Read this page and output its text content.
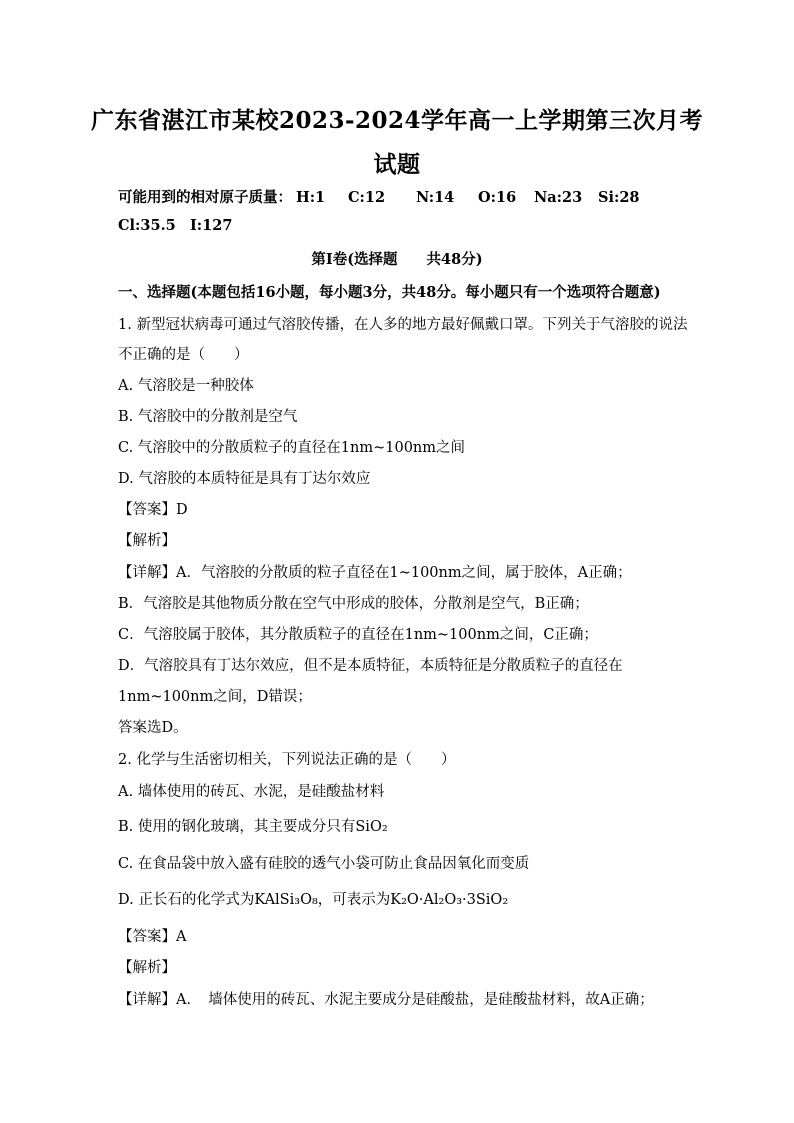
广东省湛江市某校2023-2024学年高一上学期第三次月考
试题
可能用到的相对原子质量： H:1 C:12 N:14 O:16 Na:23 Si:28
Cl:35.5 I:127
第Ⅰ卷(选择题　　共48分)
一、选择题(本题包括16小题，每小题3分，共48分。每小题只有一个选项符合题意)
1. 新型冠状病毒可通过气溶胶传播，在人多的地方最好佩戴口罩。下列关于气溶胶的说法
不正确的是（　　）
A. 气溶胶是一种胶体
B. 气溶胶中的分散剂是空气
C. 气溶胶中的分散质粒子的直径在1nm~100nm之间
D. 气溶胶的本质特征是具有丁达尔效应
【答案】D
【解析】
【详解】A．气溶胶的分散质的粒子直径在1~100nm之间，属于胶体，A正确；
B．气溶胶是其他物质分散在空气中形成的胶体，分散剂是空气，B正确；
C．气溶胶属于胶体，其分散质粒子的直径在1nm~100nm之间，C正确；
D．气溶胶具有丁达尔效应，但不是本质特征，本质特征是分散质粒子的直径在
1nm~100nm之间，D错误；
答案选D。
2. 化学与生活密切相关，下列说法正确的是（　　）
A. 墙体使用的砖瓦、水泥，是硅酸盐材料
B. 使用的钢化玻璃，其主要成分只有SiO₂
C. 在食品袋中放入盛有硅胶的透气小袋可防止食品因氧化而变质
D. 正长石的化学式为KAlSi₃O₈，可表示为K₂O·Al₂O₃·3SiO₂
【答案】A
【解析】
【详解】A．　墙体使用的砖瓦、水泥主要成分是硅酸盐，是硅酸盐材料，故A正确；
